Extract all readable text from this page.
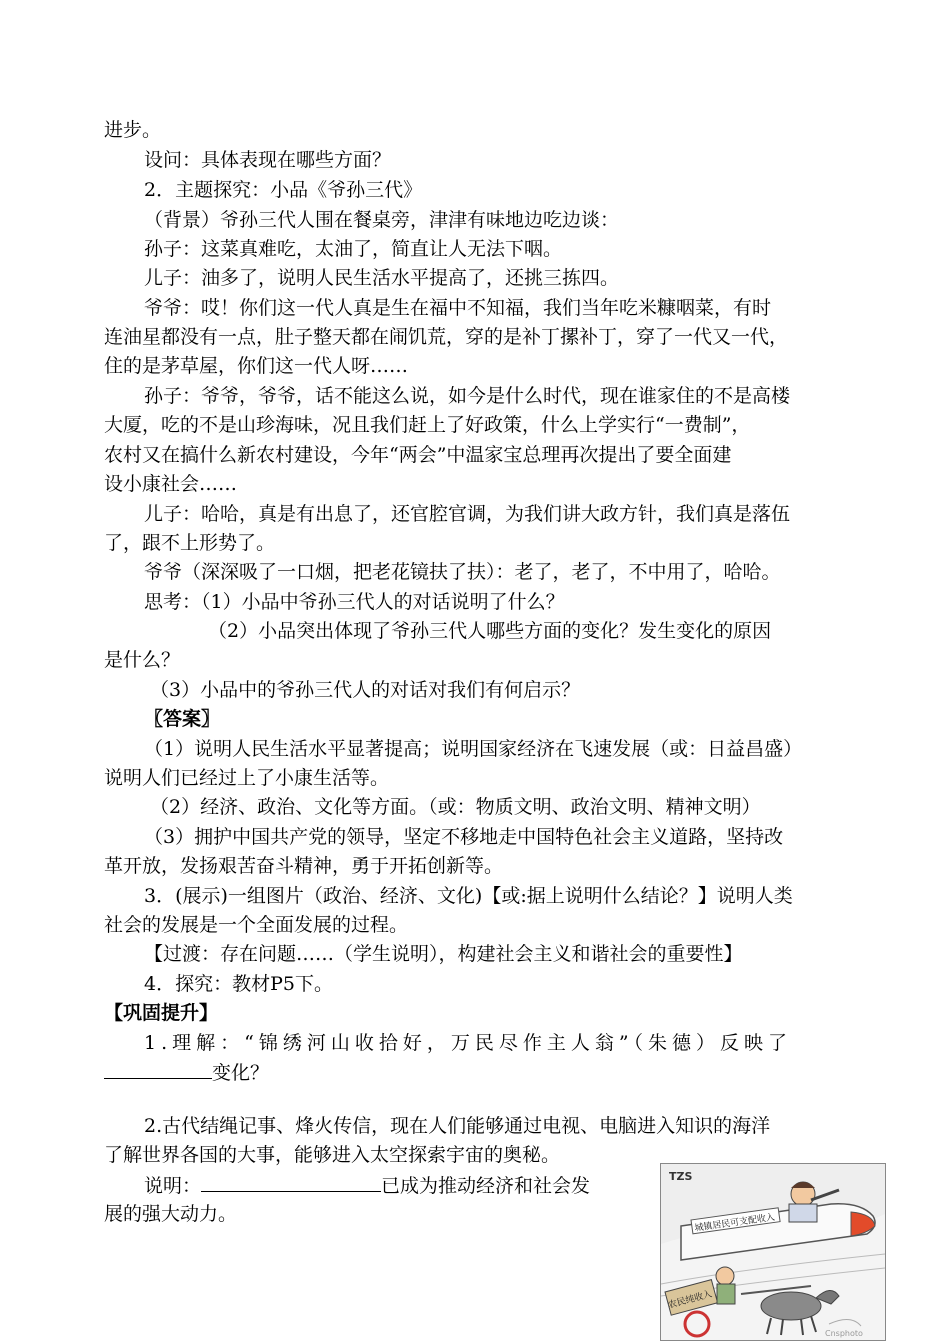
进步。
设问：具体表现在哪些方面？
2．主题探究：小品《爷孙三代》
（背景）爷孙三代人围在餐桌旁，津津有味地边吃边谈：
孙子：这菜真难吃，太油了，简直让人无法下咽。
儿子：油多了，说明人民生活水平提高了，还挑三拣四。
爷爷：哎！你们这一代人真是生在福中不知福，我们当年吃米糠咽菜，有时
连油星都没有一点，肚子整天都在闹饥荒，穿的是补丁摞补丁，穿了一代又一代，
住的是茅草屋，你们这一代人呀……
孙子：爷爷，爷爷，话不能这么说，如今是什么时代，现在谁家住的不是高楼
大厦，吃的不是山珍海味，况且我们赶上了好政策，什么上学实行“一费制”，
农村又在搞什么新农村建设，今年“两会”中温家宝总理再次提出了要全面建
设小康社会……
儿子：哈哈，真是有出息了，还官腔官调，为我们讲大政方针，我们真是落伍
了，跟不上形势了。
爷爷（深深吸了一口烟，把老花镜扶了扶）：老了，老了，不中用了，哈哈。
思考：（1）小品中爷孙三代人的对话说明了什么？
（2）小品突出体现了爷孙三代人哪些方面的变化？发生变化的原因
是什么？
（3）小品中的爷孙三代人的对话对我们有何启示？
〖答案〗
（1）说明人民生活水平显著提高；说明国家经济在飞速发展（或：日益昌盛）
说明人们已经过上了小康生活等。
（2）经济、政治、文化等方面。（或：物质文明、政治文明、精神文明）
（3）拥护中国共产党的领导，坚定不移地走中国特色社会主义道路，坚持改
革开放，发扬艰苦奋斗精神，勇于开拓创新等。
3．(展示)一组图片（政治、经济、文化)【或:据上说明什么结论？】说明人类
社会的发展是一个全面发展的过程。
【过渡：存在问题……（学生说明），构建社会主义和谐社会的重要性】
4．探究：教材P5下。
【巩固提升】
1.理解：“锦绣河山收拾好，万民尽作主人翁”（朱德）反映了
变化？
2.古代结绳记事、烽火传信，现在人们能够通过电视、电脑进入知识的海洋
了解世界各国的大事，能够进入太空探索宇宙的奥秘。
说明：	已成为推动经济和社会发
展的强大动力。
TZS
城镇居民可支配收入
农民纯收入
Cnsphoto
